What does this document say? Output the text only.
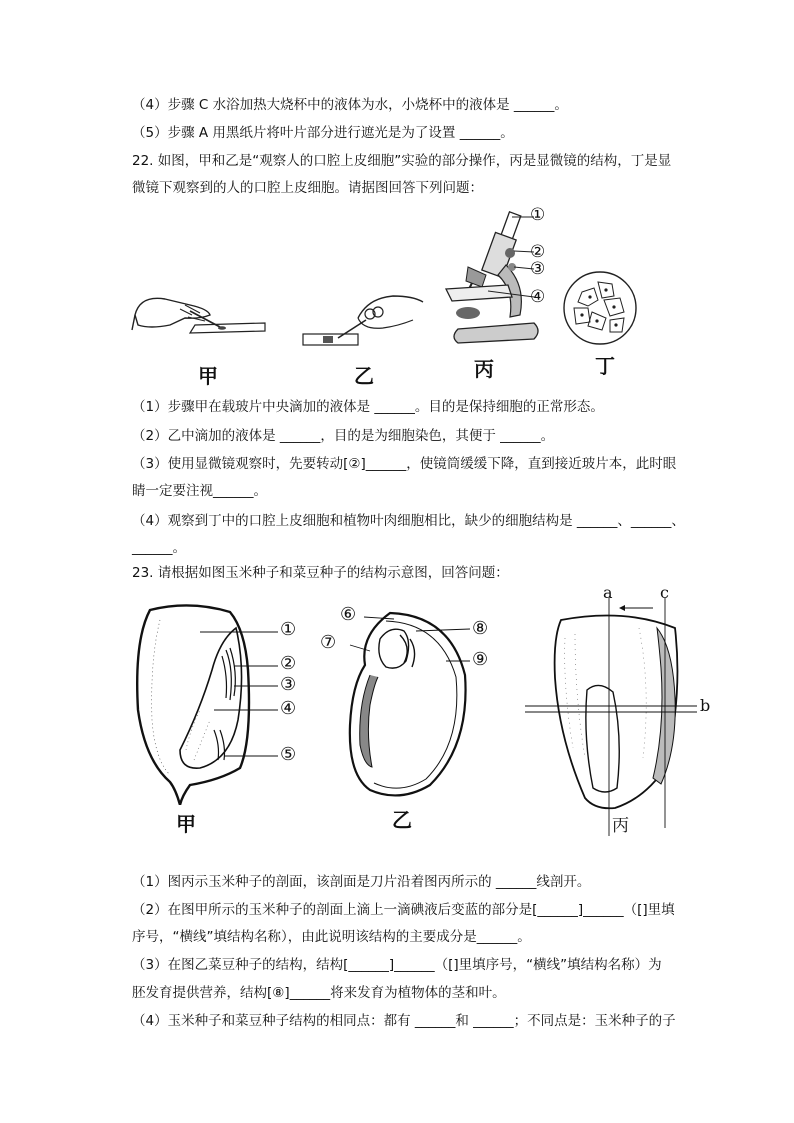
（4）步骤 C 水浴加热大烧杯中的液体为水，小烧杯中的液体是 ______。
（5）步骤 A 用黑纸片将叶片部分进行遮光是为了设置 ______。
22. 如图，甲和乙是“观察人的口腔上皮细胞”实验的部分操作，丙是显微镜的结构，丁是显
微镜下观察到的人的口腔上皮细胞。请据图回答下列问题：
甲	乙
①
②
③
④
丙	丁
（1）步骤甲在载玻片中央滴加的液体是 ______。目的是保持细胞的正常形态。
（2）乙中滴加的液体是 ______，目的是为细胞染色，其便于 ______。
（3）使用显微镜观察时，先要转动[②]______，使镜筒缓缓下降，直到接近玻片本，此时眼
睛一定要注视______。
（4）观察到丁中的口腔上皮细胞和植物叶肉细胞相比，缺少的细胞结构是 ______、______、
______。
23. 请根据如图玉米种子和菜豆种子的结构示意图，回答问题：
①
②
③
④
⑤
甲
⑥
⑦
⑧
⑨
乙
a	c
b
丙
（1）图丙示玉米种子的剖面，该剖面是刀片沿着图丙所示的 ______线剖开。
（2）在图甲所示的玉米种子的剖面上滴上一滴碘液后变蓝的部分是[______]______（[]里填
序号，“横线”填结构名称），由此说明该结构的主要成分是______。
（3）在图乙菜豆种子的结构，结构[______]______（[]里填序号，“横线”填结构名称）为
胚发育提供营养，结构[⑧]______将来发育为植物体的茎和叶。
（4）玉米种子和菜豆种子结构的相同点：都有 ______和 ______；不同点是：玉米种子的子
